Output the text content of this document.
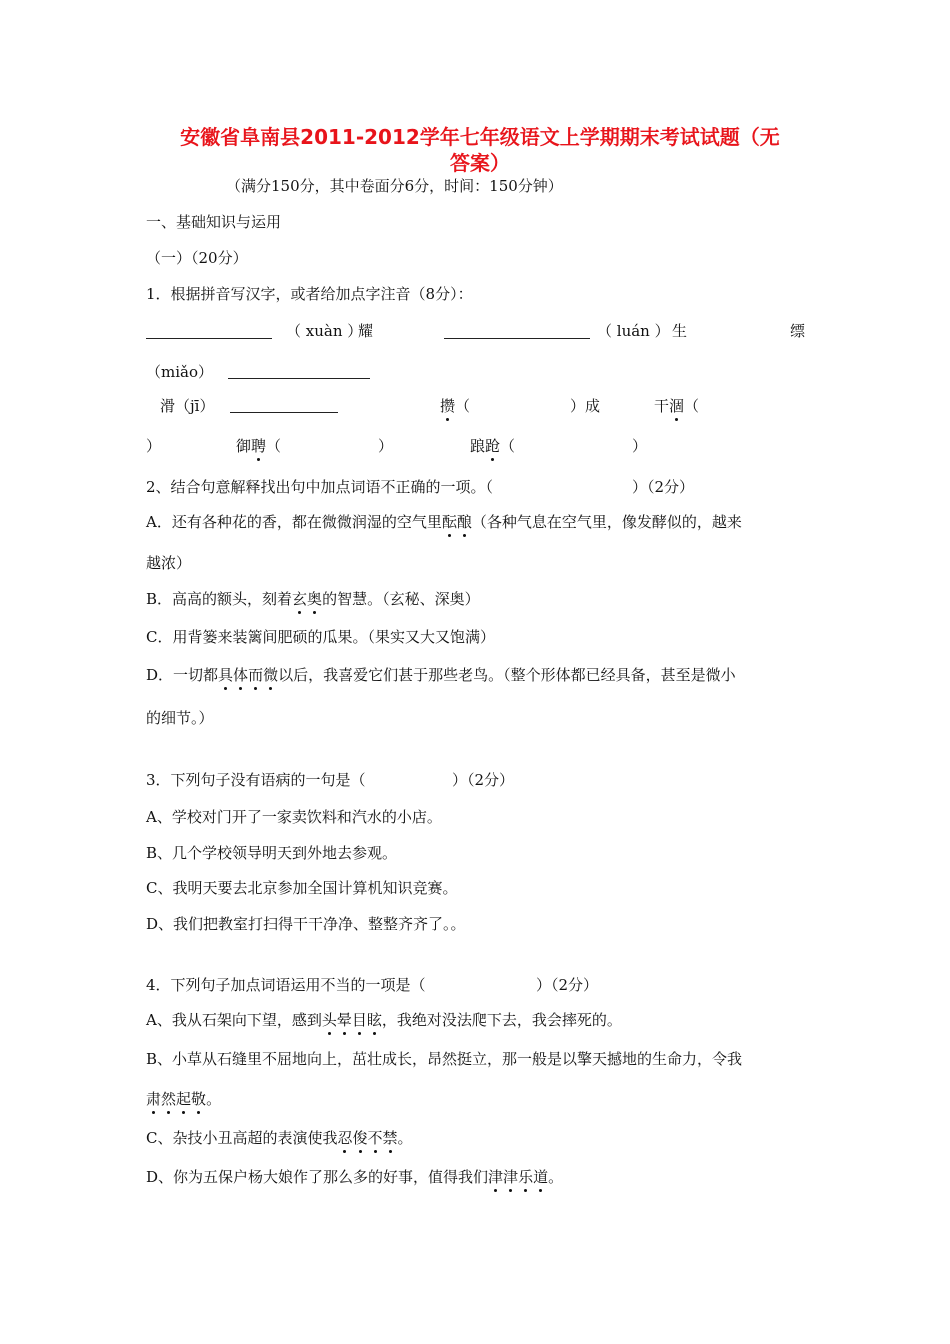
安徽省阜南县2011-2012学年七年级语文上学期期末考试试题（无
答案）
（满分150分，其中卷面分6分，时间：150分钟）
一、基础知识与运用
（一）（20分）
1．根据拼音写汉字，或者给加点字注音（8分）：
（ xuàn ）
耀	（ luán ） 生	缥
（miǎo）
滑（jī）	攒（	）成	干涸（
）	御聘（	）	踉跄（	）
2、结合句意解释找出句中加点词语不正确的一项。（	）（2分）
A．还有各种花的香，都在微微润湿的空气里酝酿（各种气息在空气里，像发酵似的，越来
越浓）
B．高高的额头，刻着玄奥的智慧。（玄秘、深奥）
C．用背篓来装篱间肥硕的瓜果。（果实又大又饱满）
D．一切都具体而微以后，我喜爱它们甚于那些老鸟。（整个形体都已经具备，甚至是微小
的细节。）
3．下列句子没有语病的一句是（	）（2分）
A、学校对门开了一家卖饮料和汽水的小店。
B、几个学校领导明天到外地去参观。
C、我明天要去北京参加全国计算机知识竞赛。
D、我们把教室打扫得干干净净、整整齐齐了。。
4．下列句子加点词语运用不当的一项是（	）（2分）
A、我从石架向下望，感到头晕目眩，我绝对没法爬下去，我会摔死的。
B、小草从石缝里不屈地向上，茁壮成长，昂然挺立，那一般是以擎天撼地的生命力，令我
肃然起敬。
C、杂技小丑高超的表演使我忍俊不禁。
D、你为五保户杨大娘作了那么多的好事，值得我们津津乐道。
